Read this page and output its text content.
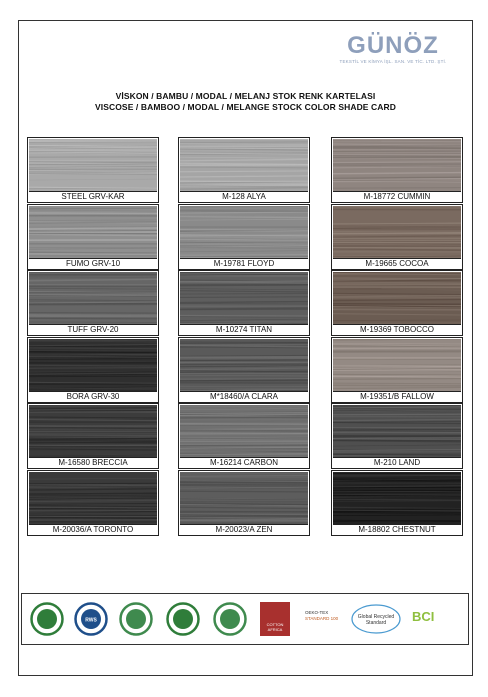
GÜNÖZ
TEKSTİL VE KİMYA İŞL. SAN. VE TİC. LTD. ŞTİ.
VİSKON / BAMBU / MODAL / MELANJ STOK RENK KARTELASI
VISCOSE / BAMBOO / MODAL / MELANGE STOCK COLOR SHADE CARD
STEEL GRV-KAR
FUMO GRV-10
TUFF GRV-20
BORA GRV-30
M-16580 BRECCIA
M-20036/A TORONTO
M-128 ALYA
M-19781 FLOYD
M-10274 TITAN
M*18460/A CLARA
M-16214 CARBON
M-20023/A ZEN
M-18772 CUMMIN
M-19665 COCOA
M-19369 TOBOCCO
M-19351/B FALLOW
M-210 LAND
M-18802 CHESTNUT
RWS
COTTON
AFRICA
OEKO-TEX
STANDARD 100	Global Recycled
Standard BCI
